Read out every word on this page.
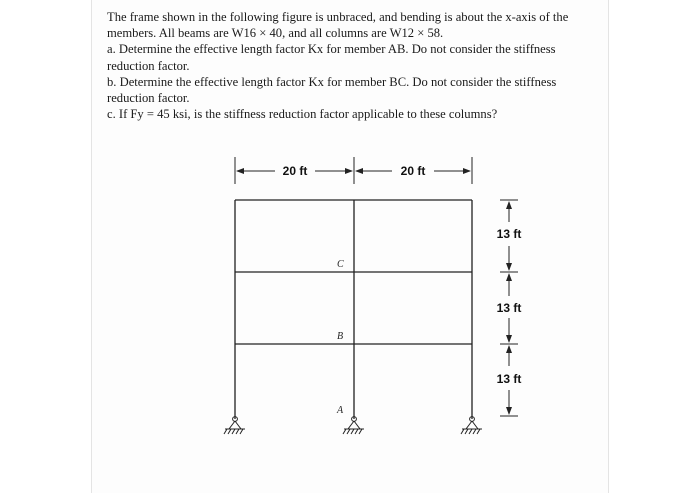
The frame shown in the following figure is unbraced, and bending is about the x-axis of the members. All beams are W16 × 40, and all columns are W12 × 58.

a. Determine the effective length factor Kx for member AB. Do not consider the stiffness reduction factor.

b. Determine the effective length factor Kx for member BC. Do not consider the stiffness reduction factor.

c. If Fy = 45 ksi, is the stiffness reduction factor applicable to these columns?

20 ft	20 ft
C
B
A
13 ft
13 ft
13 ft
